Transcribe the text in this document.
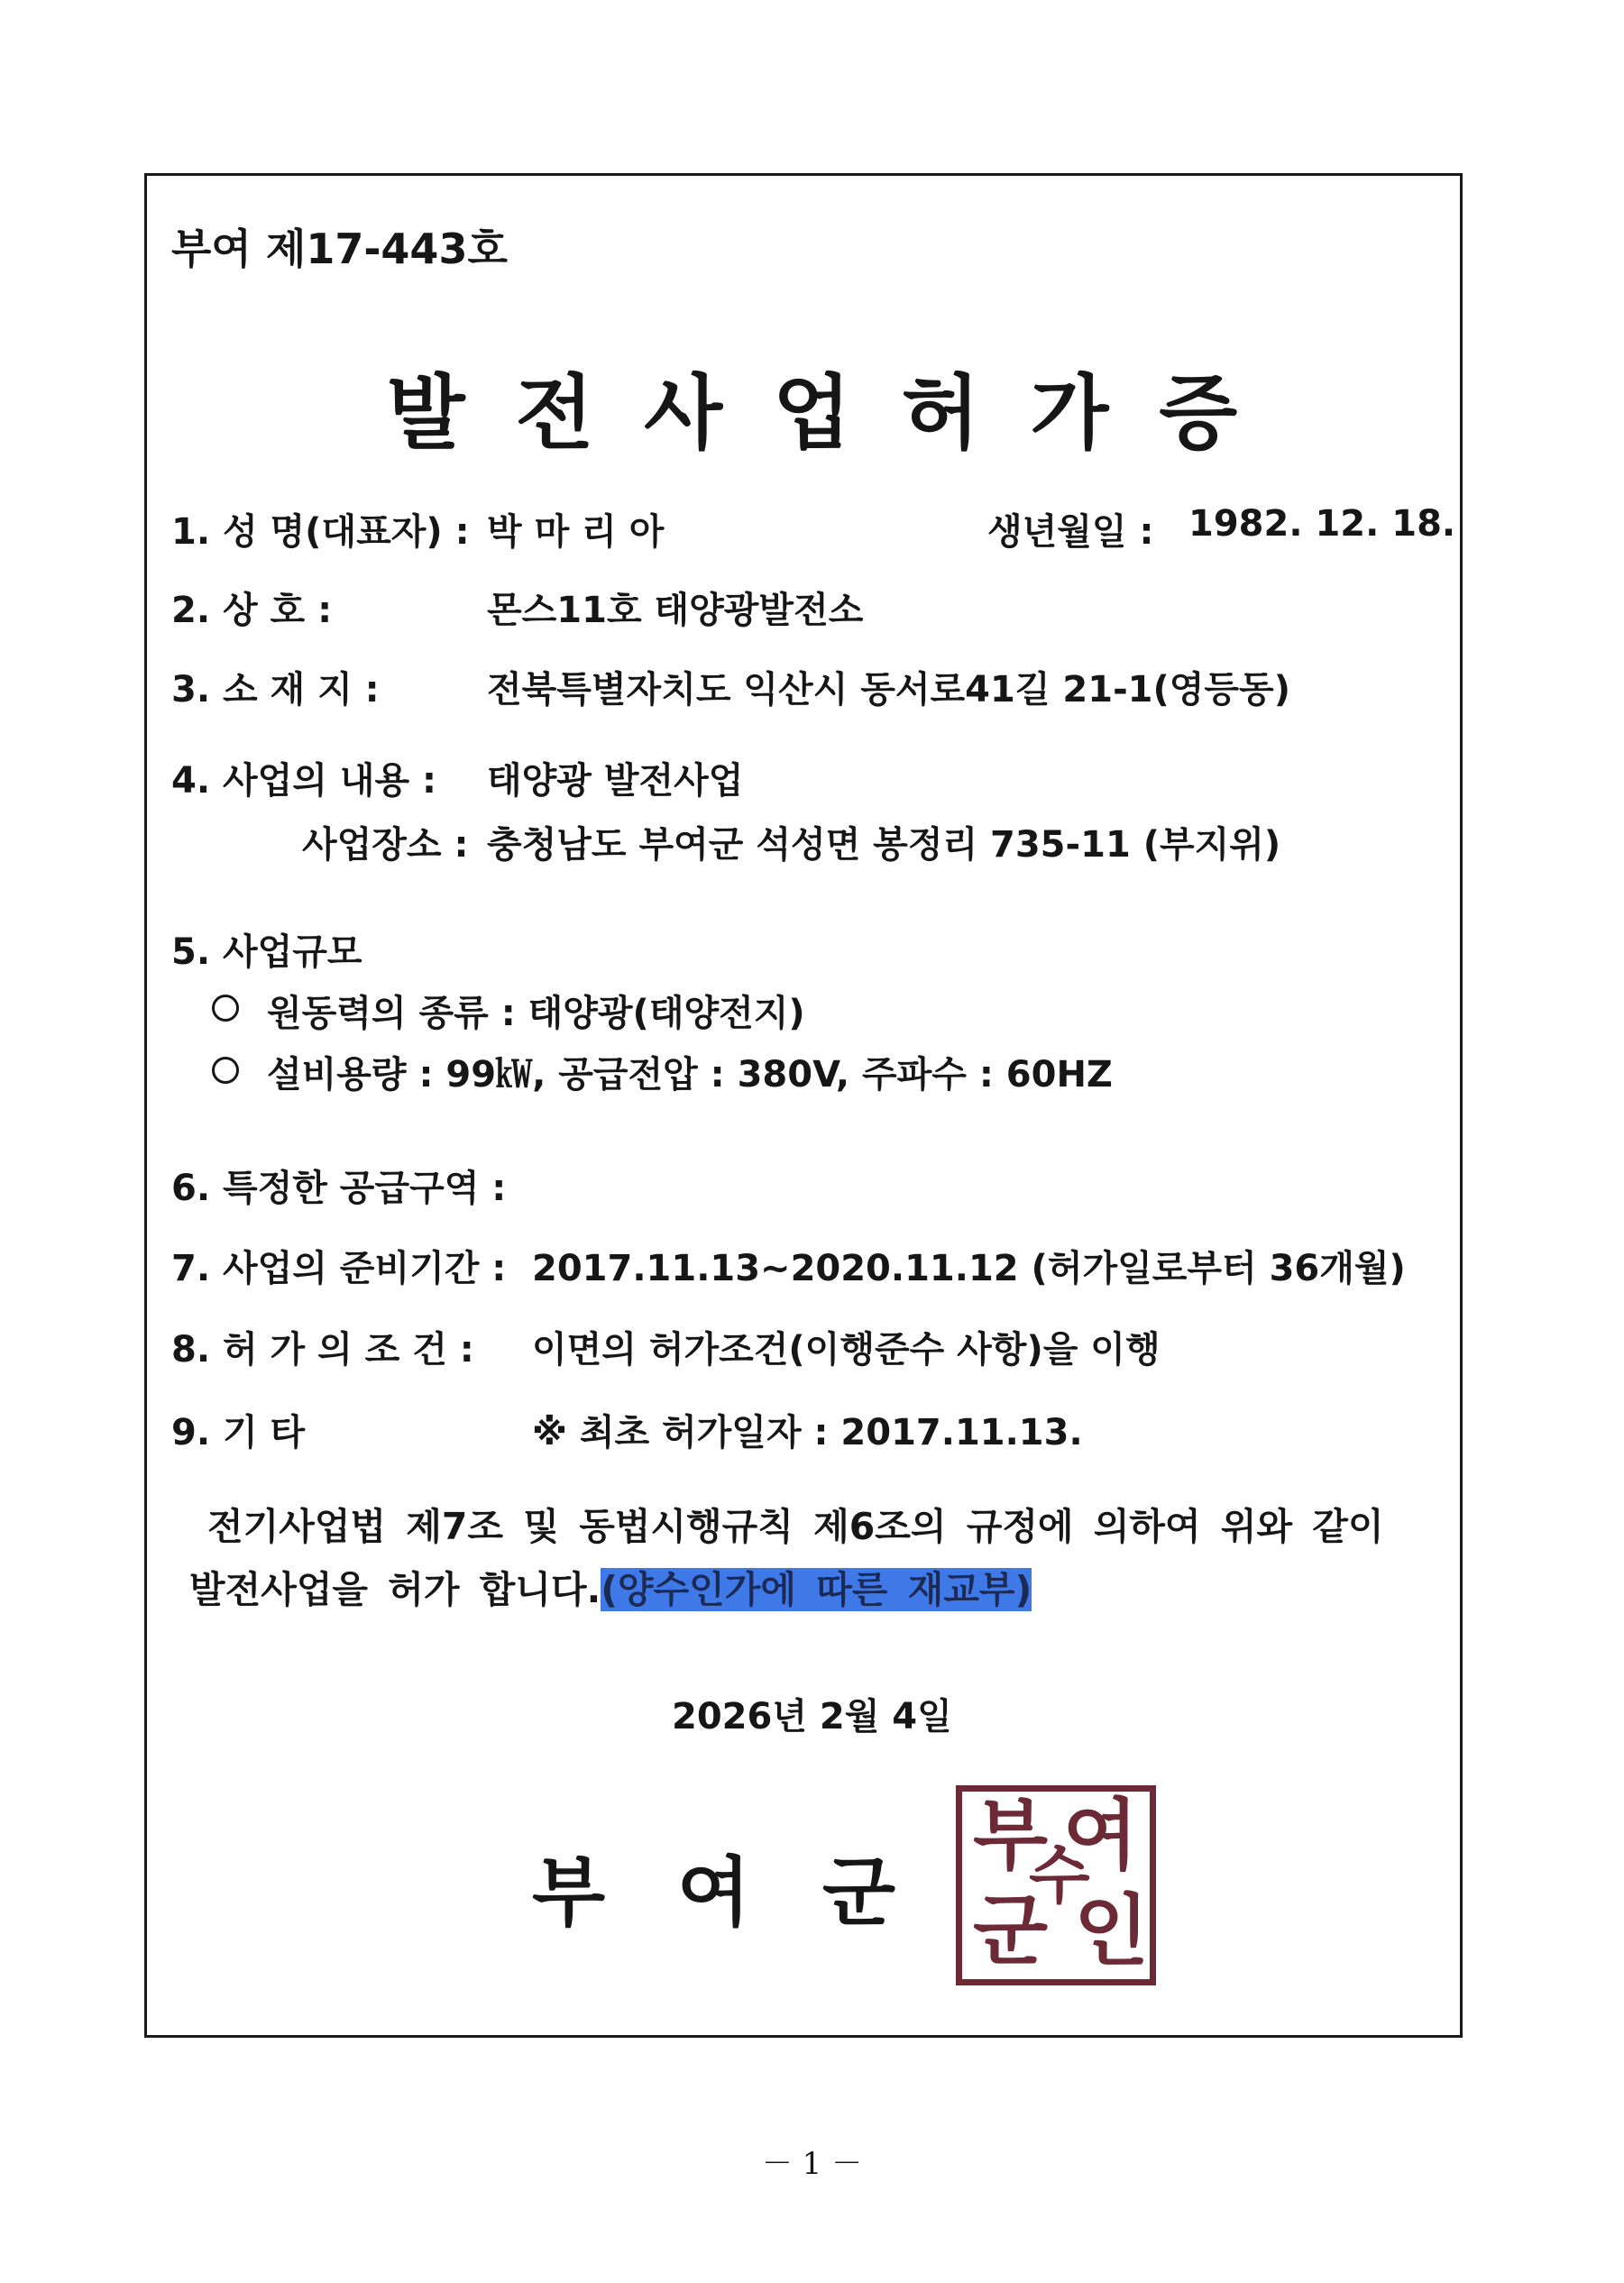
부여 제17-443호
발전사업허가증
1. 성 명(대표자) : 박 마 리 아	생년월일 : 1982. 12. 18.
2. 상 호 :	몬스11호 태양광발전소
3. 소 재 지 :	전북특별자치도 익산시 동서로41길 21-1(영등동)
4. 사업의 내용 : 태양광 발전사업
사업장소 : 충청남도 부여군 석성면 봉정리 735-11 (부지위)
5. 사업규모
원동력의 종류 : 태양광(태양전지)
설비용량 : 99㎾, 공급전압 : 380V, 주파수 : 60HZ
6. 특정한 공급구역 :
7. 사업의 준비기간 : 2017.11.13~2020.11.12 (허가일로부터 36개월)
8. 허 가 의 조 건 : 이면의 허가조건(이행준수 사항)을 이행
9. 기 타	※ 최초 허가일자 : 2017.11.13.
전기사업법 제7조 및 동법시행규칙 제6조의 규정에 의하여 위와 같이
발전사업을 허가 합니다.(양수인가에 따른 재교부)
2026년 2월 4일
부여군
부 여
군
수
인
－ 1 －
